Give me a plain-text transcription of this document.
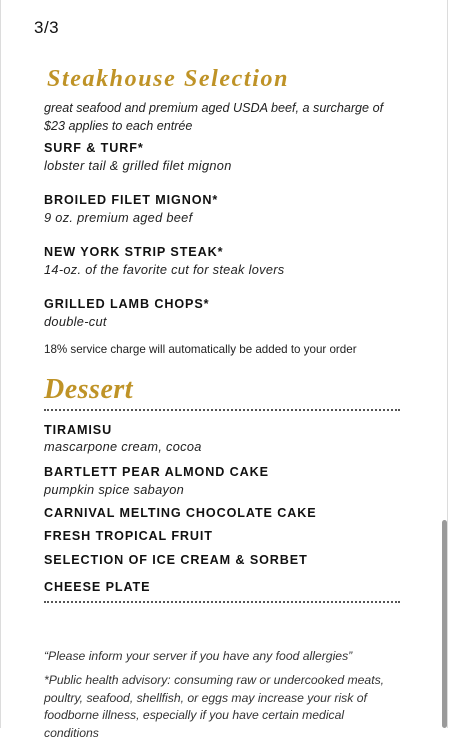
3/3
Steakhouse Selection
great seafood and premium aged USDA beef, a surcharge of $23 applies to each entrée
SURF & TURF*
lobster tail & grilled filet mignon
BROILED FILET MIGNON*
9 oz. premium aged beef
NEW YORK STRIP STEAK*
14-oz. of the favorite cut for steak lovers
GRILLED LAMB CHOPS*
double-cut
18% service charge will automatically be added to your order
Dessert
TIRAMISU
mascarpone cream, cocoa
BARTLETT PEAR ALMOND CAKE
pumpkin spice sabayon
CARNIVAL MELTING CHOCOLATE CAKE
FRESH TROPICAL FRUIT
SELECTION OF ICE CREAM & SORBET
CHEESE PLATE
“Please inform your server if you have any food allergies”
*Public health advisory: consuming raw or undercooked meats, poultry, seafood, shellfish, or eggs may increase your risk of foodborne illness, especially if you have certain medical conditions
